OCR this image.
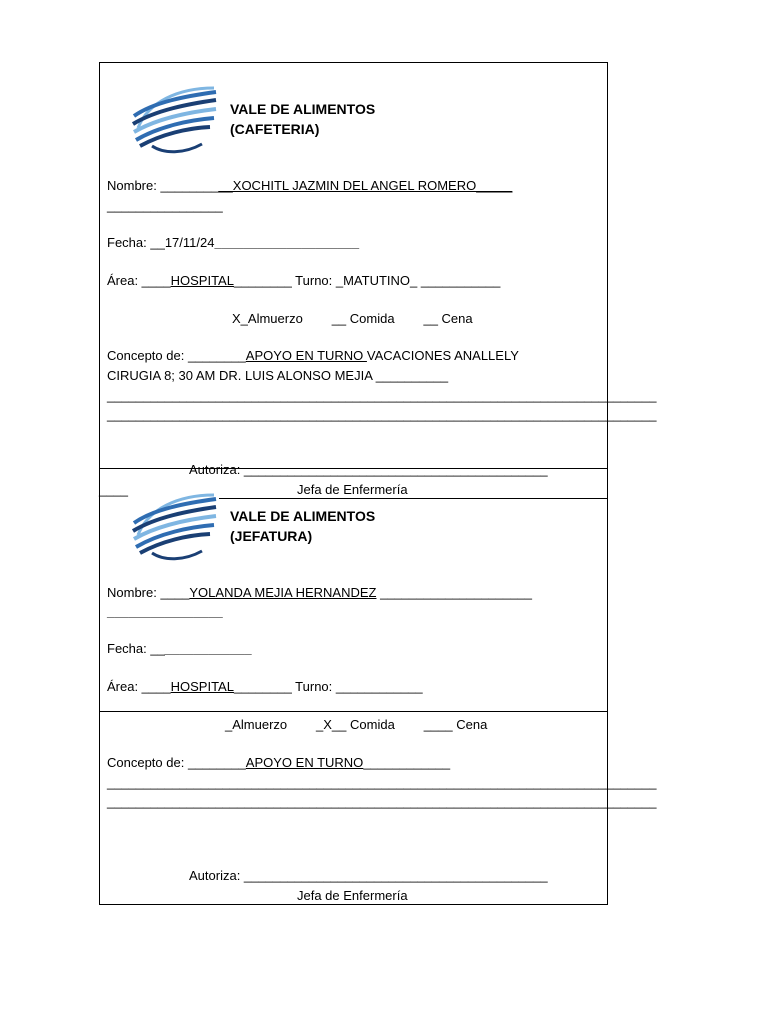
VALE DE ALIMENTOS
(CAFETERIA)
Nombre: __________XOCHITL JAZMIN DEL ANGEL ROMERO_____
________________
Fecha: __17/11/24____________________
Área: ____HOSPITAL________ Turno: _MATUTINO_ ___________
X_Almuerzo        __ Comida        __ Cena
Concepto de: ________APOYO EN TURNO VACACIONES ANALLELY
CIRUGIA 8; 30 AM DR. LUIS ALONSO MEJIA __________
____________________________________________________________________________
____________________________________________________________________________
Autoriza: __________________________________________
____	Jefa de Enfermería
VALE DE ALIMENTOS
(JEFATURA)
Nombre: ____YOLANDA MEJIA HERNANDEZ _____________________
________________
Fecha: ______________
Área: ____HOSPITAL________ Turno: ____________
_Almuerzo        _X__ Comida        ____ Cena
Concepto de: ________APOYO EN TURNO____________
____________________________________________________________________________
____________________________________________________________________________
Autoriza: __________________________________________
Jefa de Enfermería
